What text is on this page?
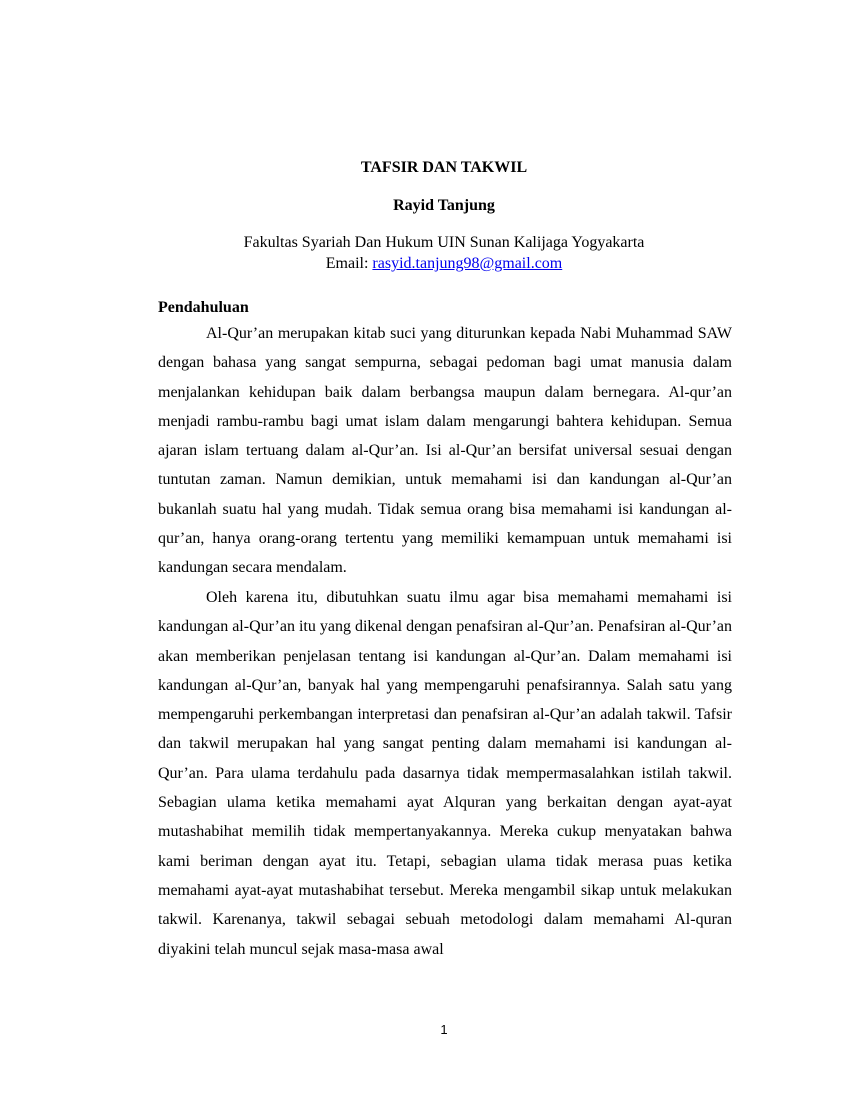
TAFSIR DAN TAKWIL
Rayid Tanjung
Fakultas Syariah Dan Hukum UIN Sunan Kalijaga Yogyakarta
Email: rasyid.tanjung98@gmail.com
Pendahuluan

Al-Qur’an merupakan kitab suci yang diturunkan kepada Nabi Muhammad SAW dengan bahasa yang sangat sempurna, sebagai pedoman bagi umat manusia dalam menjalankan kehidupan baik dalam berbangsa maupun dalam bernegara. Al-qur’an menjadi rambu-rambu bagi umat islam dalam mengarungi bahtera kehidupan. Semua ajaran islam tertuang dalam al-Qur’an. Isi al-Qur’an bersifat universal sesuai dengan tuntutan zaman. Namun demikian, untuk memahami isi dan kandungan al-Qur’an bukanlah suatu hal yang mudah. Tidak semua orang bisa memahami isi kandungan al-qur’an, hanya orang-orang tertentu yang memiliki kemampuan untuk memahami isi kandungan secara mendalam.

Oleh karena itu, dibutuhkan suatu ilmu agar bisa memahami memahami isi kandungan al-Qur’an itu yang dikenal dengan penafsiran al-Qur’an. Penafsiran al-Qur’an akan memberikan penjelasan tentang isi kandungan al-Qur’an. Dalam memahami isi kandungan al-Qur’an, banyak hal yang mempengaruhi penafsirannya. Salah satu yang mempengaruhi perkembangan interpretasi dan penafsiran al-Qur’an adalah takwil. Tafsir dan takwil merupakan hal yang sangat penting dalam memahami isi kandungan al-Qur’an. Para ulama terdahulu pada dasarnya tidak mempermasalahkan istilah takwil. Sebagian ulama ketika memahami ayat Alquran yang berkaitan dengan ayat-ayat mutashabihat memilih tidak mempertanyakannya. Mereka cukup menyatakan bahwa kami beriman dengan ayat itu. Tetapi, sebagian ulama tidak merasa puas ketika memahami ayat-ayat mutashabihat tersebut. Mereka mengambil sikap untuk melakukan takwil. Karenanya, takwil sebagai sebuah metodologi dalam memahami Al-quran diyakini telah muncul sejak masa-masa awal

1
